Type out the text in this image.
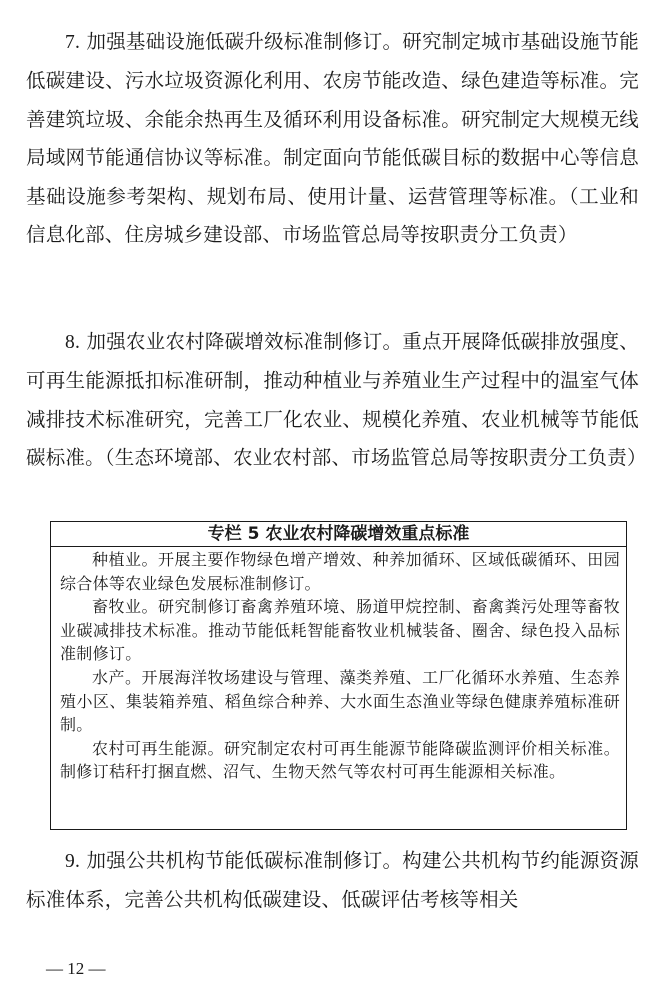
7. 加强基础设施低碳升级标准制修订。研究制定城市基础设施节能低碳建设、污水垃圾资源化利用、农房节能改造、绿色建造等标准。完善建筑垃圾、余能余热再生及循环利用设备标准。研究制定大规模无线局域网节能通信协议等标准。制定面向节能低碳目标的数据中心等信息基础设施参考架构、规划布局、使用计量、运营管理等标准。（工业和信息化部、住房城乡建设部、市场监管总局等按职责分工负责）
8. 加强农业农村降碳增效标准制修订。重点开展降低碳排放强度、可再生能源抵扣标准研制，推动种植业与养殖业生产过程中的温室气体减排技术标准研究，完善工厂化农业、规模化养殖、农业机械等节能低碳标准。（生态环境部、农业农村部、市场监管总局等按职责分工负责）
专栏 5 农业农村降碳增效重点标准
种植业。开展主要作物绿色增产增效、种养加循环、区域低碳循环、田园综合体等农业绿色发展标准制修订。
畜牧业。研究制修订畜禽养殖环境、肠道甲烷控制、畜禽粪污处理等畜牧业碳减排技术标准。推动节能低耗智能畜牧业机械装备、圈舍、绿色投入品标准制修订。
水产。开展海洋牧场建设与管理、藻类养殖、工厂化循环水养殖、生态养殖小区、集装箱养殖、稻鱼综合种养、大水面生态渔业等绿色健康养殖标准研制。
农村可再生能源。研究制定农村可再生能源节能降碳监测评价相关标准。制修订秸秆打捆直燃、沼气、生物天然气等农村可再生能源相关标准。
9. 加强公共机构节能低碳标准制修订。构建公共机构节约能源资源标准体系，完善公共机构低碳建设、低碳评估考核等相关
— 12 —
